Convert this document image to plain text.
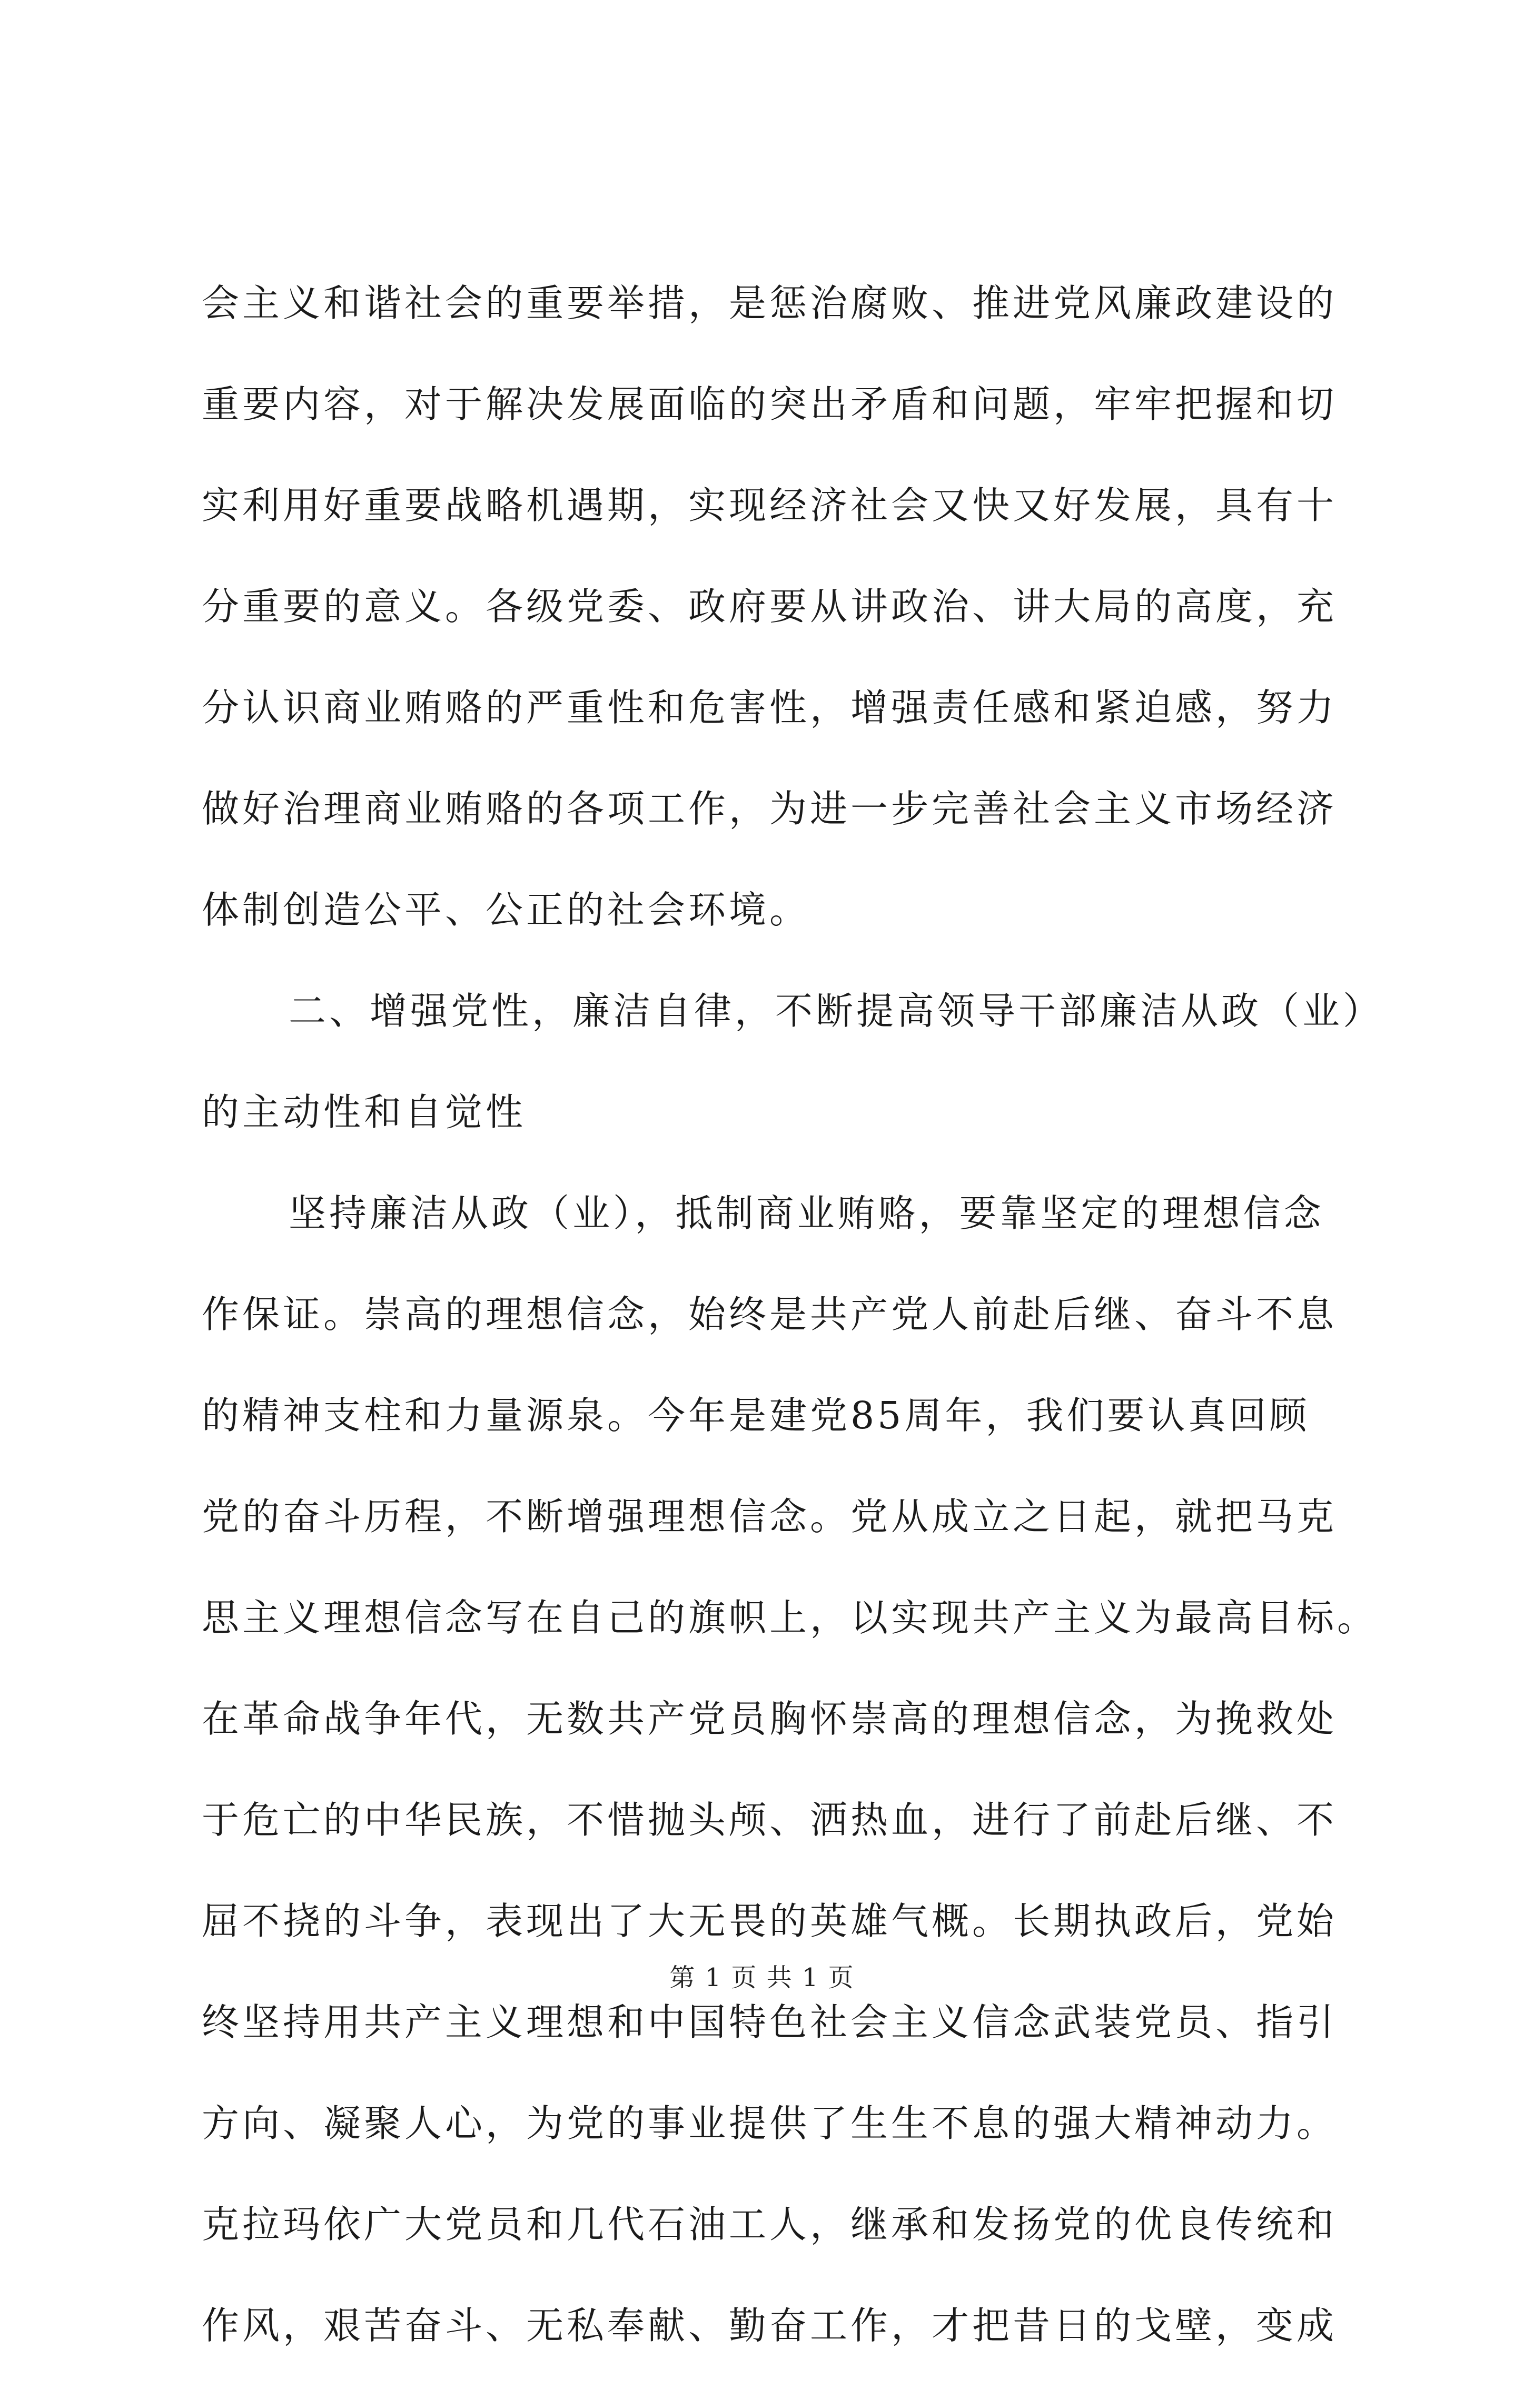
会主义和谐社会的重要举措，是惩治腐败、推进党风廉政建设的
重要内容，对于解决发展面临的突出矛盾和问题，牢牢把握和切
实利用好重要战略机遇期，实现经济社会又快又好发展，具有十
分重要的意义。各级党委、政府要从讲政治、讲大局的高度，充
分认识商业贿赂的严重性和危害性，增强责任感和紧迫感，努力
做好治理商业贿赂的各项工作，为进一步完善社会主义市场经济
体制创造公平、公正的社会环境。
二、增强党性，廉洁自律，不断提高领导干部廉洁从政（业）
的主动性和自觉性
坚持廉洁从政（业），抵制商业贿赂，要靠坚定的理想信念
作保证。崇高的理想信念，始终是共产党人前赴后继、奋斗不息
的精神支柱和力量源泉。今年是建党85周年，我们要认真回顾
党的奋斗历程，不断增强理想信念。党从成立之日起，就把马克
思主义理想信念写在自己的旗帜上，以实现共产主义为最高目标。
在革命战争年代，无数共产党员胸怀崇高的理想信念，为挽救处
于危亡的中华民族，不惜抛头颅、洒热血，进行了前赴后继、不
屈不挠的斗争，表现出了大无畏的英雄气概。长期执政后，党始
终坚持用共产主义理想和中国特色社会主义信念武装党员、指引
方向、凝聚人心，为党的事业提供了生生不息的强大精神动力。
克拉玛依广大党员和几代石油工人，继承和发扬党的优良传统和
作风，艰苦奋斗、无私奉献、勤奋工作，才把昔日的戈壁，变成
第 1 页 共 1 页
